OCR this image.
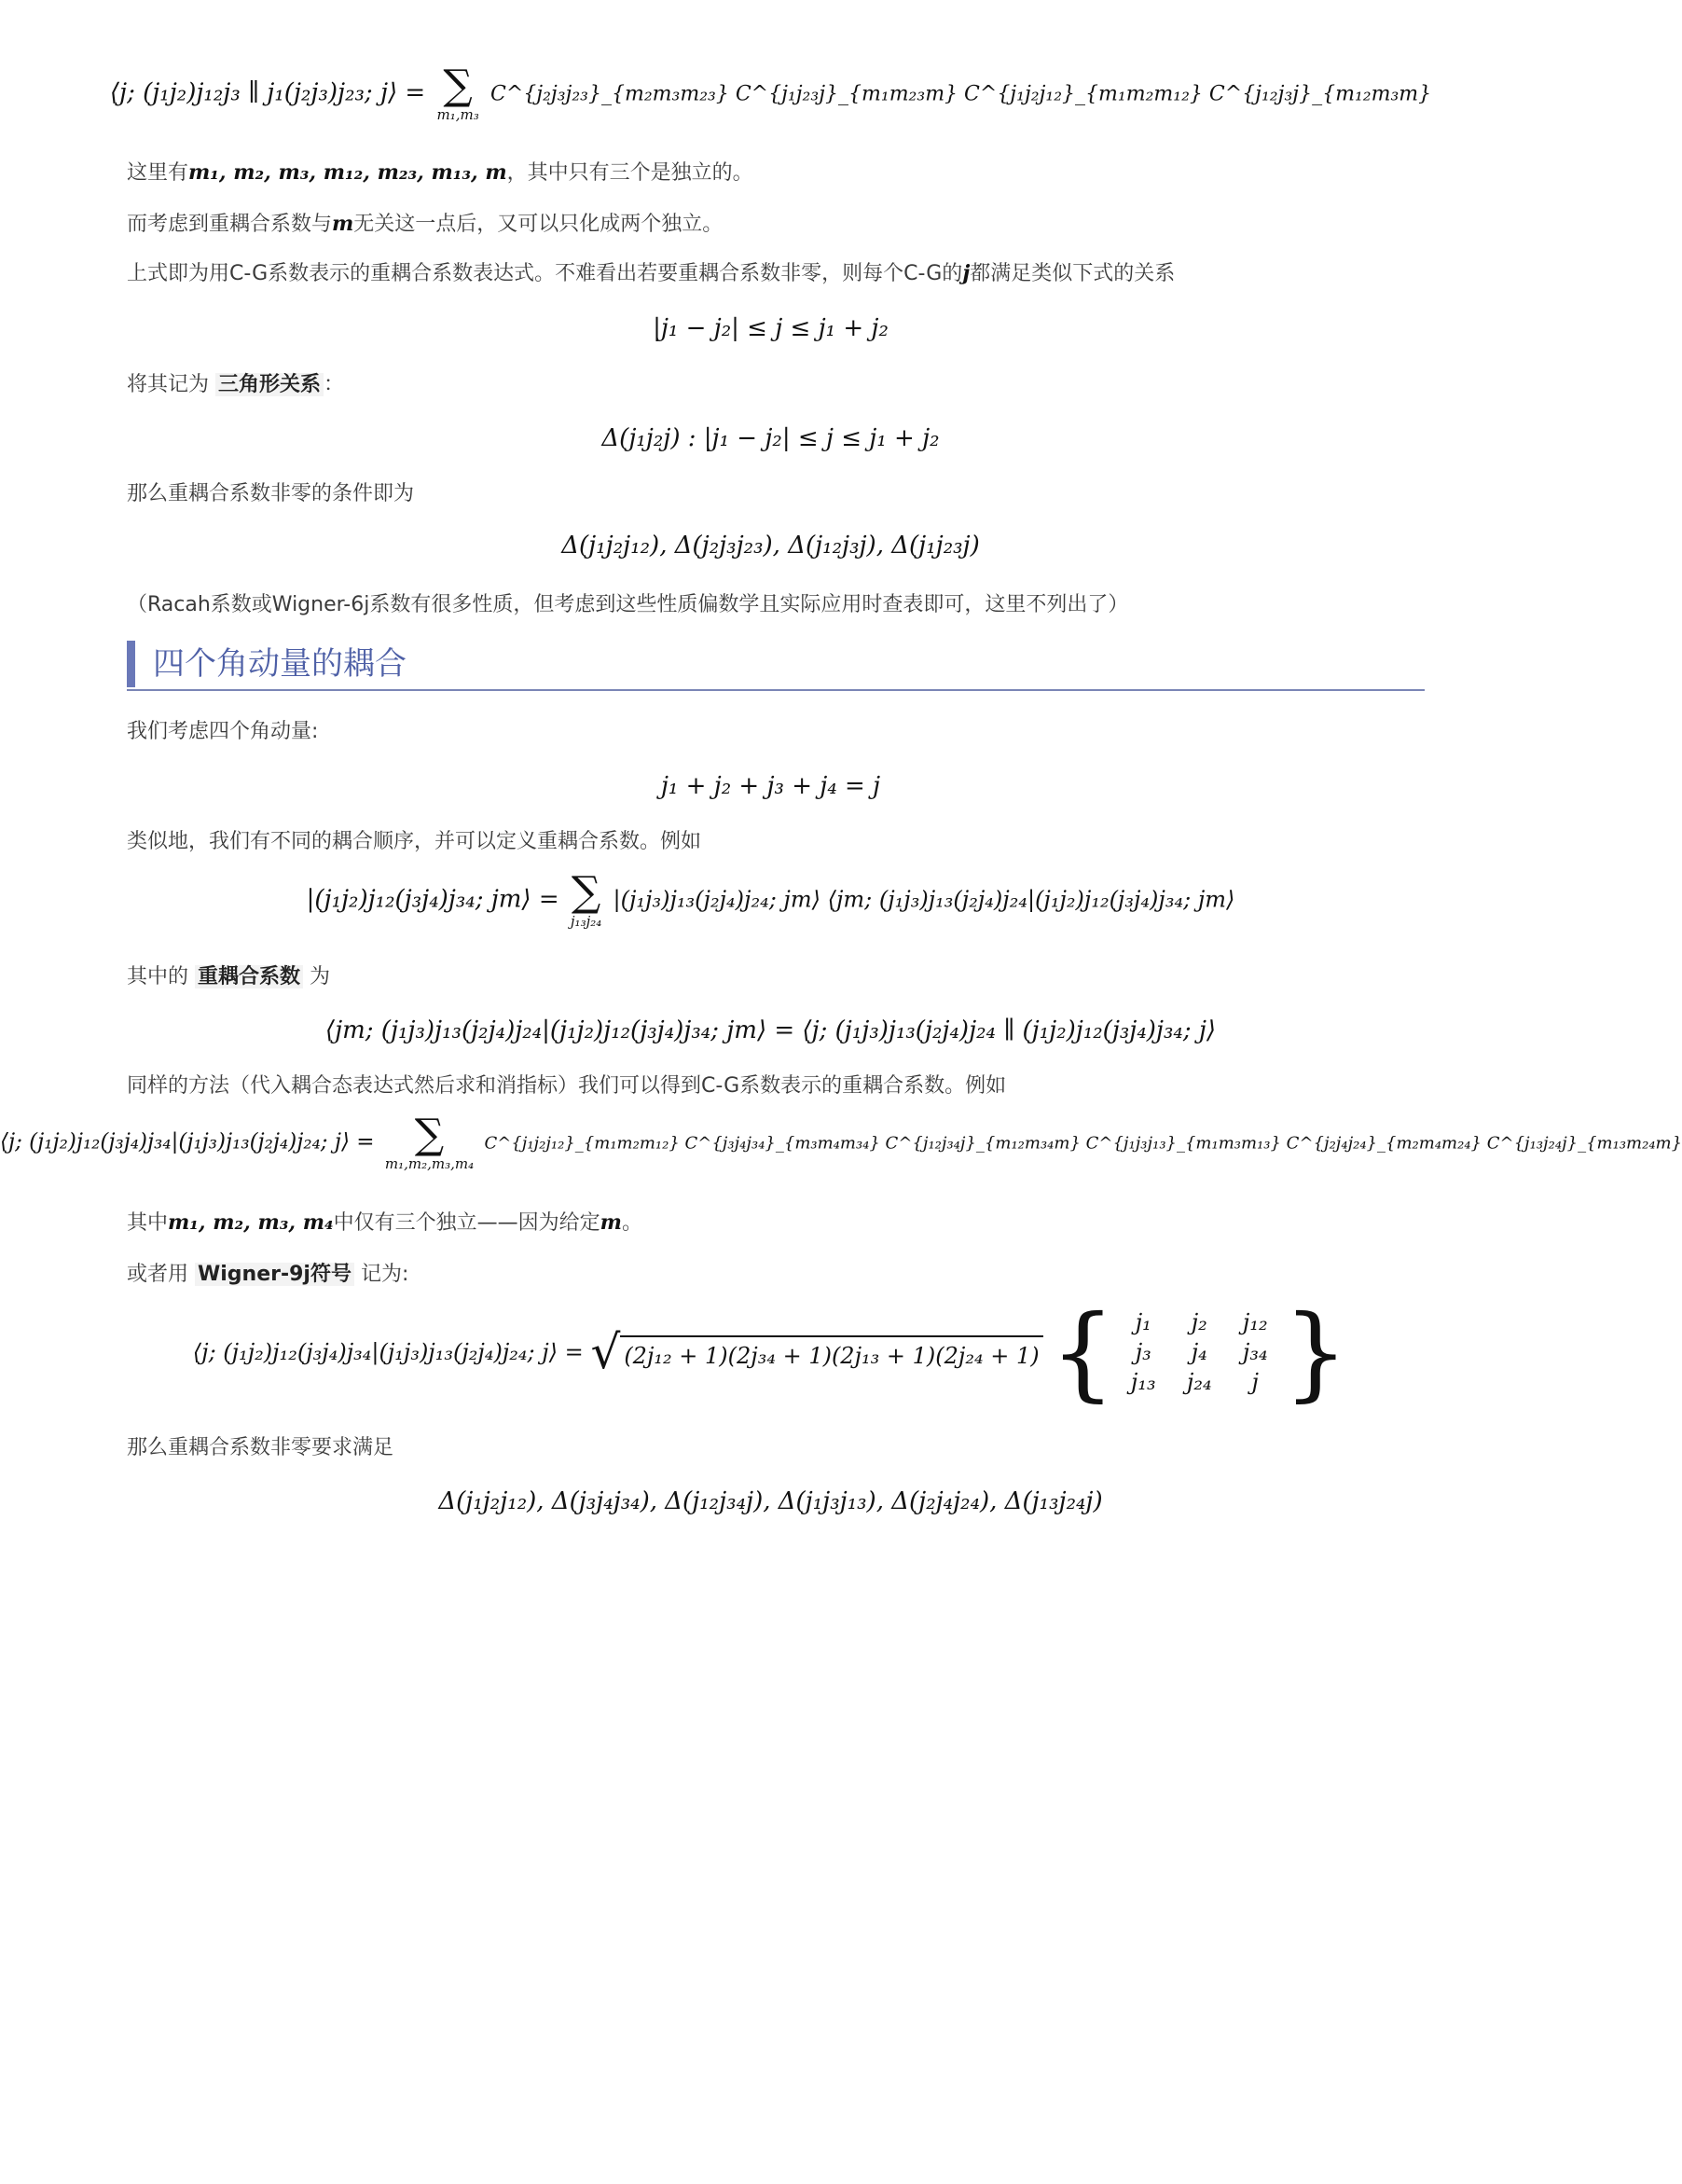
⟨j; (j₁j₂)j₁₂j₃ ∥ j₁(j₂j₃)j₂₃; j⟩ = ∑
m₁,m₃
C^{j₂j₃j₂₃}_{m₂m₃m₂₃} C^{j₁j₂₃j}_{m₁m₂₃m} C^{j₁j₂j₁₂}_{m₁m₂m₁₂} C^{j₁₂j₃j}_{m₁₂m₃m}
这里有m₁, m₂, m₃, m₁₂, m₂₃, m₁₃, m，其中只有三个是独立的。
而考虑到重耦合系数与m无关这一点后，又可以只化成两个独立。
上式即为用C-G系数表示的重耦合系数表达式。不难看出若要重耦合系数非零，则每个C-G的j都满足类似下式的关系
|j₁ − j₂| ≤ j ≤ j₁ + j₂
将其记为 三角形关系 ：
Δ(j₁j₂j) : |j₁ − j₂| ≤ j ≤ j₁ + j₂
那么重耦合系数非零的条件即为
Δ(j₁j₂j₁₂), Δ(j₂j₃j₂₃), Δ(j₁₂j₃j), Δ(j₁j₂₃j)
（Racah系数或Wigner-6j系数有很多性质，但考虑到这些性质偏数学且实际应用时查表即可，这里不列出了）
四个角动量的耦合
我们考虑四个角动量:
j₁ + j₂ + j₃ + j₄ = j
类似地，我们有不同的耦合顺序，并可以定义重耦合系数。例如
|(j₁j₂)j₁₂(j₃j₄)j₃₄; jm⟩ = ∑
j₁₃j₂₄
|(j₁j₃)j₁₃(j₂j₄)j₂₄; jm⟩ ⟨jm; (j₁j₃)j₁₃(j₂j₄)j₂₄|(j₁j₂)j₁₂(j₃j₄)j₃₄; jm⟩
其中的 重耦合系数 为
⟨jm; (j₁j₃)j₁₃(j₂j₄)j₂₄|(j₁j₂)j₁₂(j₃j₄)j₃₄; jm⟩ = ⟨j; (j₁j₃)j₁₃(j₂j₄)j₂₄ ∥ (j₁j₂)j₁₂(j₃j₄)j₃₄; j⟩
同样的方法（代入耦合态表达式然后求和消指标）我们可以得到C-G系数表示的重耦合系数。例如
⟨j; (j₁j₂)j₁₂(j₃j₄)j₃₄|(j₁j₃)j₁₃(j₂j₄)j₂₄; j⟩ = ∑
m₁,m₂,m₃,m₄
C^{j₁j₂j₁₂}_{m₁m₂m₁₂} C^{j₃j₄j₃₄}_{m₃m₄m₃₄} C^{j₁₂j₃₄j}_{m₁₂m₃₄m} C^{j₁j₃j₁₃}_{m₁m₃m₁₃} C^{j₂j₄j₂₄}_{m₂m₄m₂₄} C^{j₁₃j₂₄j}_{m₁₃m₂₄m}
其中m₁, m₂, m₃, m₄中仅有三个独立——因为给定m。
或者用 Wigner-9j符号 记为:
⟨j; (j₁j₂)j₁₂(j₃j₄)j₃₄|(j₁j₃)j₁₃(j₂j₄)j₂₄; j⟩ = √ (2j₁₂ + 1)(2j₃₄ + 1)(2j₁₃ + 1)(2j₂₄ + 1) { j₁	j₂	j₁₂
j₃	j₄	j₃₄
j₁₃	j₂₄	j }
那么重耦合系数非零要求满足
Δ(j₁j₂j₁₂), Δ(j₃j₄j₃₄), Δ(j₁₂j₃₄j), Δ(j₁j₃j₁₃), Δ(j₂j₄j₂₄), Δ(j₁₃j₂₄j)
